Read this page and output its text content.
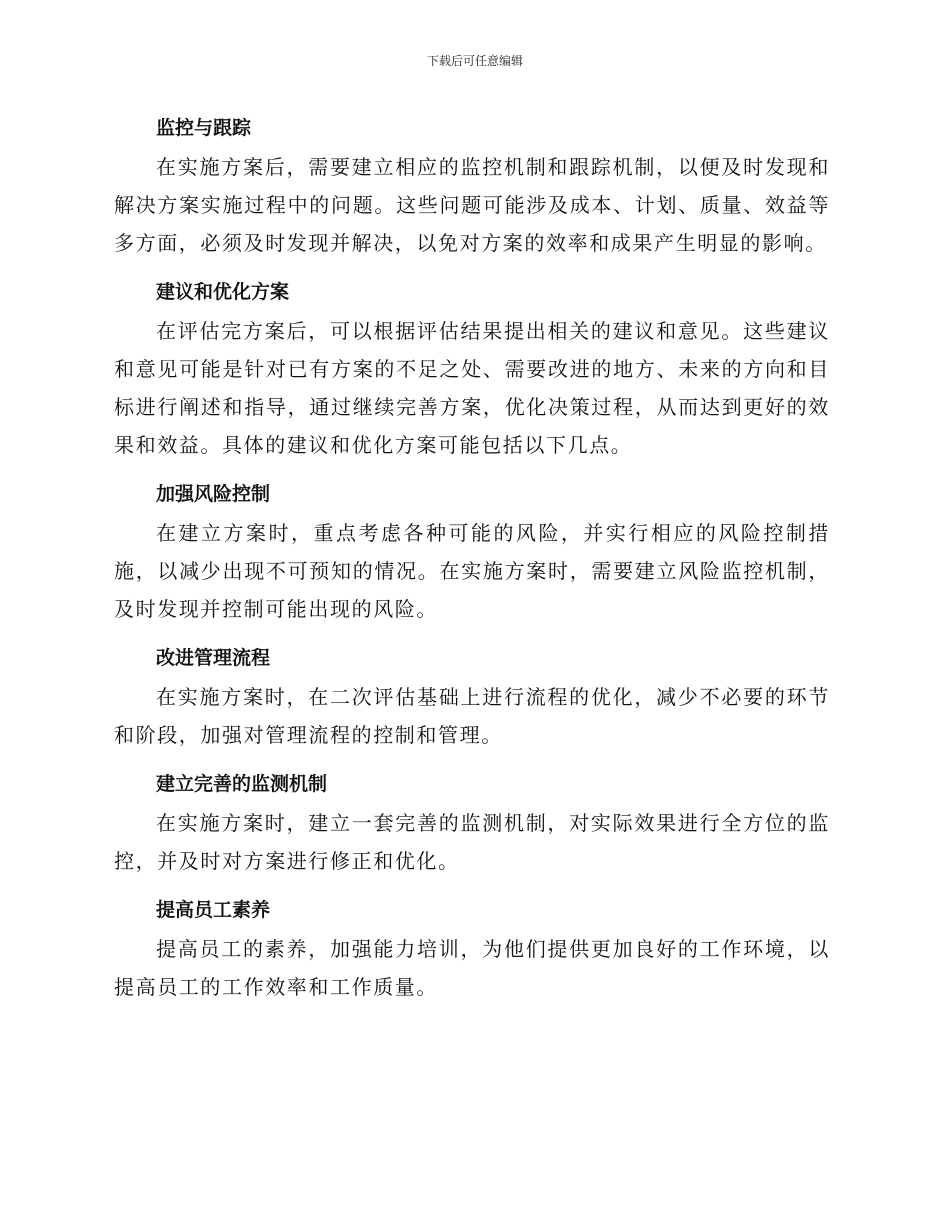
下载后可任意编辑
监控与跟踪

在实施方案后，需要建立相应的监控机制和跟踪机制，以便及时发现和解决方案实施过程中的问题。这些问题可能涉及成本、计划、质量、效益等多方面，必须及时发现并解决，以免对方案的效率和成果产生明显的影响。

建议和优化方案

在评估完方案后，可以根据评估结果提出相关的建议和意见。这些建议和意见可能是针对已有方案的不足之处、需要改进的地方、未来的方向和目标进行阐述和指导，通过继续完善方案，优化决策过程，从而达到更好的效果和效益。具体的建议和优化方案可能包括以下几点。

加强风险控制

在建立方案时，重点考虑各种可能的风险，并实行相应的风险控制措施，以减少出现不可预知的情况。在实施方案时，需要建立风险监控机制，及时发现并控制可能出现的风险。

改进管理流程

在实施方案时，在二次评估基础上进行流程的优化，减少不必要的环节和阶段，加强对管理流程的控制和管理。

建立完善的监测机制

在实施方案时，建立一套完善的监测机制，对实际效果进行全方位的监控，并及时对方案进行修正和优化。

提高员工素养

提高员工的素养，加强能力培训，为他们提供更加良好的工作环境，以提高员工的工作效率和工作质量。
